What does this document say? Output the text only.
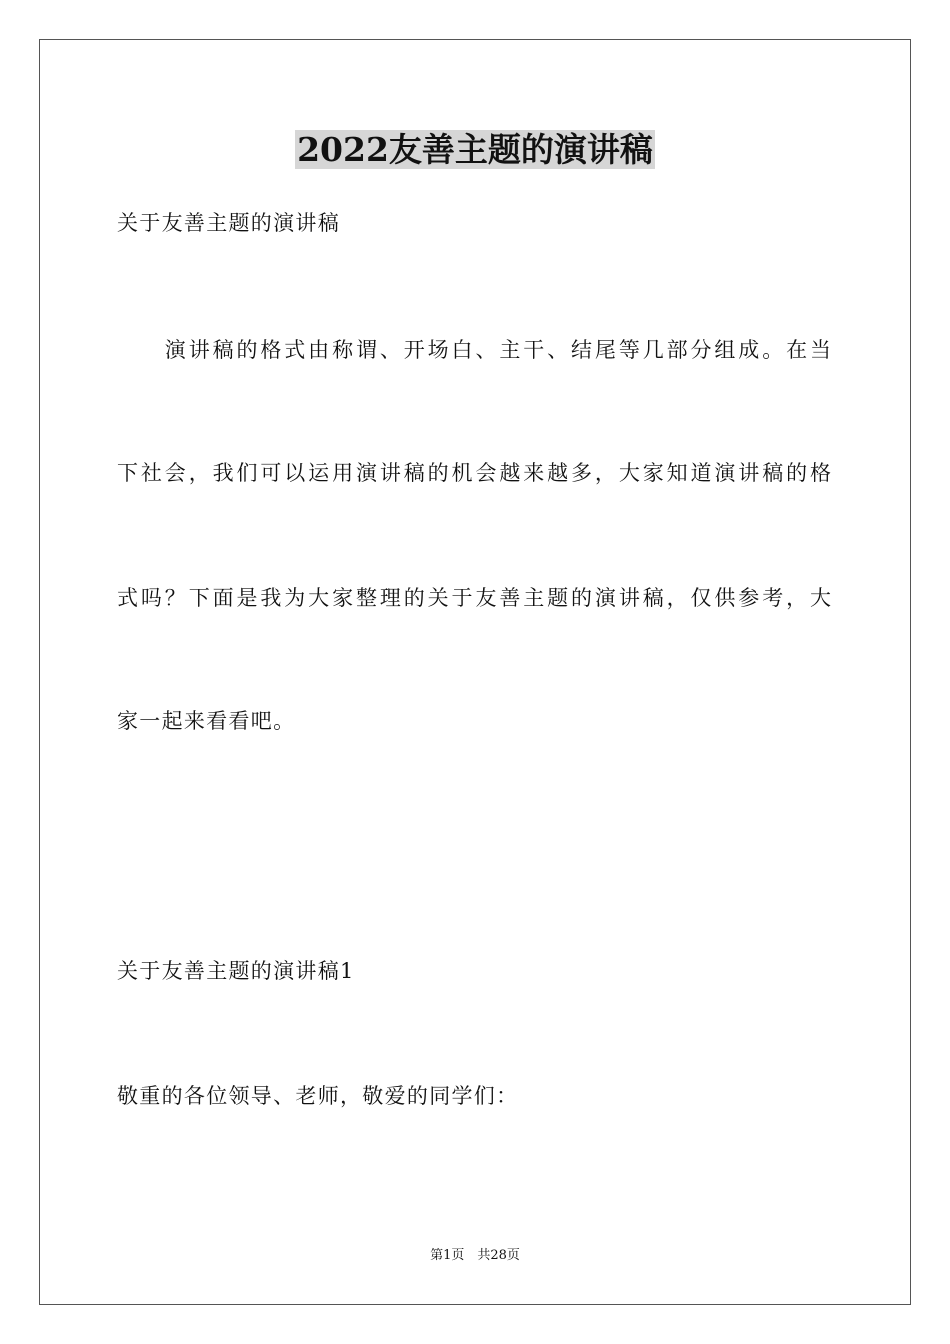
2022友善主题的演讲稿
关于友善主题的演讲稿
　　演讲稿的格式由称谓、开场白、主干、结尾等几部分组成。在当
下社会，我们可以运用演讲稿的机会越来越多，大家知道演讲稿的格
式吗？下面是我为大家整理的关于友善主题的演讲稿，仅供参考，大
家一起来看看吧。
关于友善主题的演讲稿1
敬重的各位领导、老师，敬爱的同学们：
第1页　共28页
